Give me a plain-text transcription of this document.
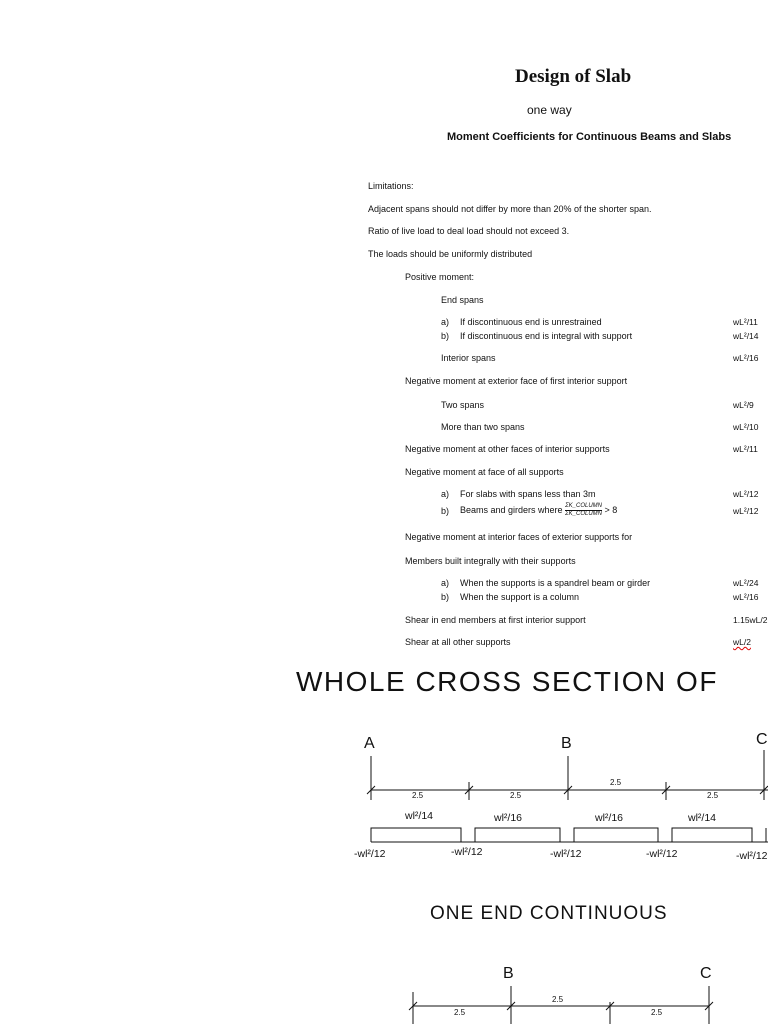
Design of Slab
one way
Moment Coefficients for Continuous Beams and Slabs
Limitations:
Adjacent spans should not differ by more than 20% of the shorter span.
Ratio of live load to deal load should not exceed 3.
The loads should be uniformly distributed
Positive moment:
End spans
a) If discontinuous end is unrestrained	wL²/11
b) If discontinuous end is integral with support	wL²/14
Interior spans	wL²/16
Negative moment at exterior face of first interior support
Two spans	wL²/9
More than two spans	wL²/10
Negative moment at other faces of interior supports	wL²/11
Negative moment at face of all supports
a) For slabs with spans less than 3m	wL²/12
b) Beams and girders where $\frac{\text{ΣK\_COLUMN}}{\text{ΣK\_COLUMN}} > 8$	wL²/12
Negative moment at interior faces of exterior supports for
Members built integrally with their supports
a) When the supports is a spandrel beam or girder	wL²/24
b) When the support is a column	wL²/16
Shear in end members at first interior support	1.15wL/2
Shear at all other supports	wL/2
WHOLE CROSS SECTION OF
A	B	C
2.5	2.5
2.5
2.5
wl²/14	wl²/16	wl²/16	wl²/14
-wl²/12	-wl²/12	-wl²/12	-wl²/12	-wl²/12
B	C
2.5
2.5
2.5
ONE END CONTINUOUS
